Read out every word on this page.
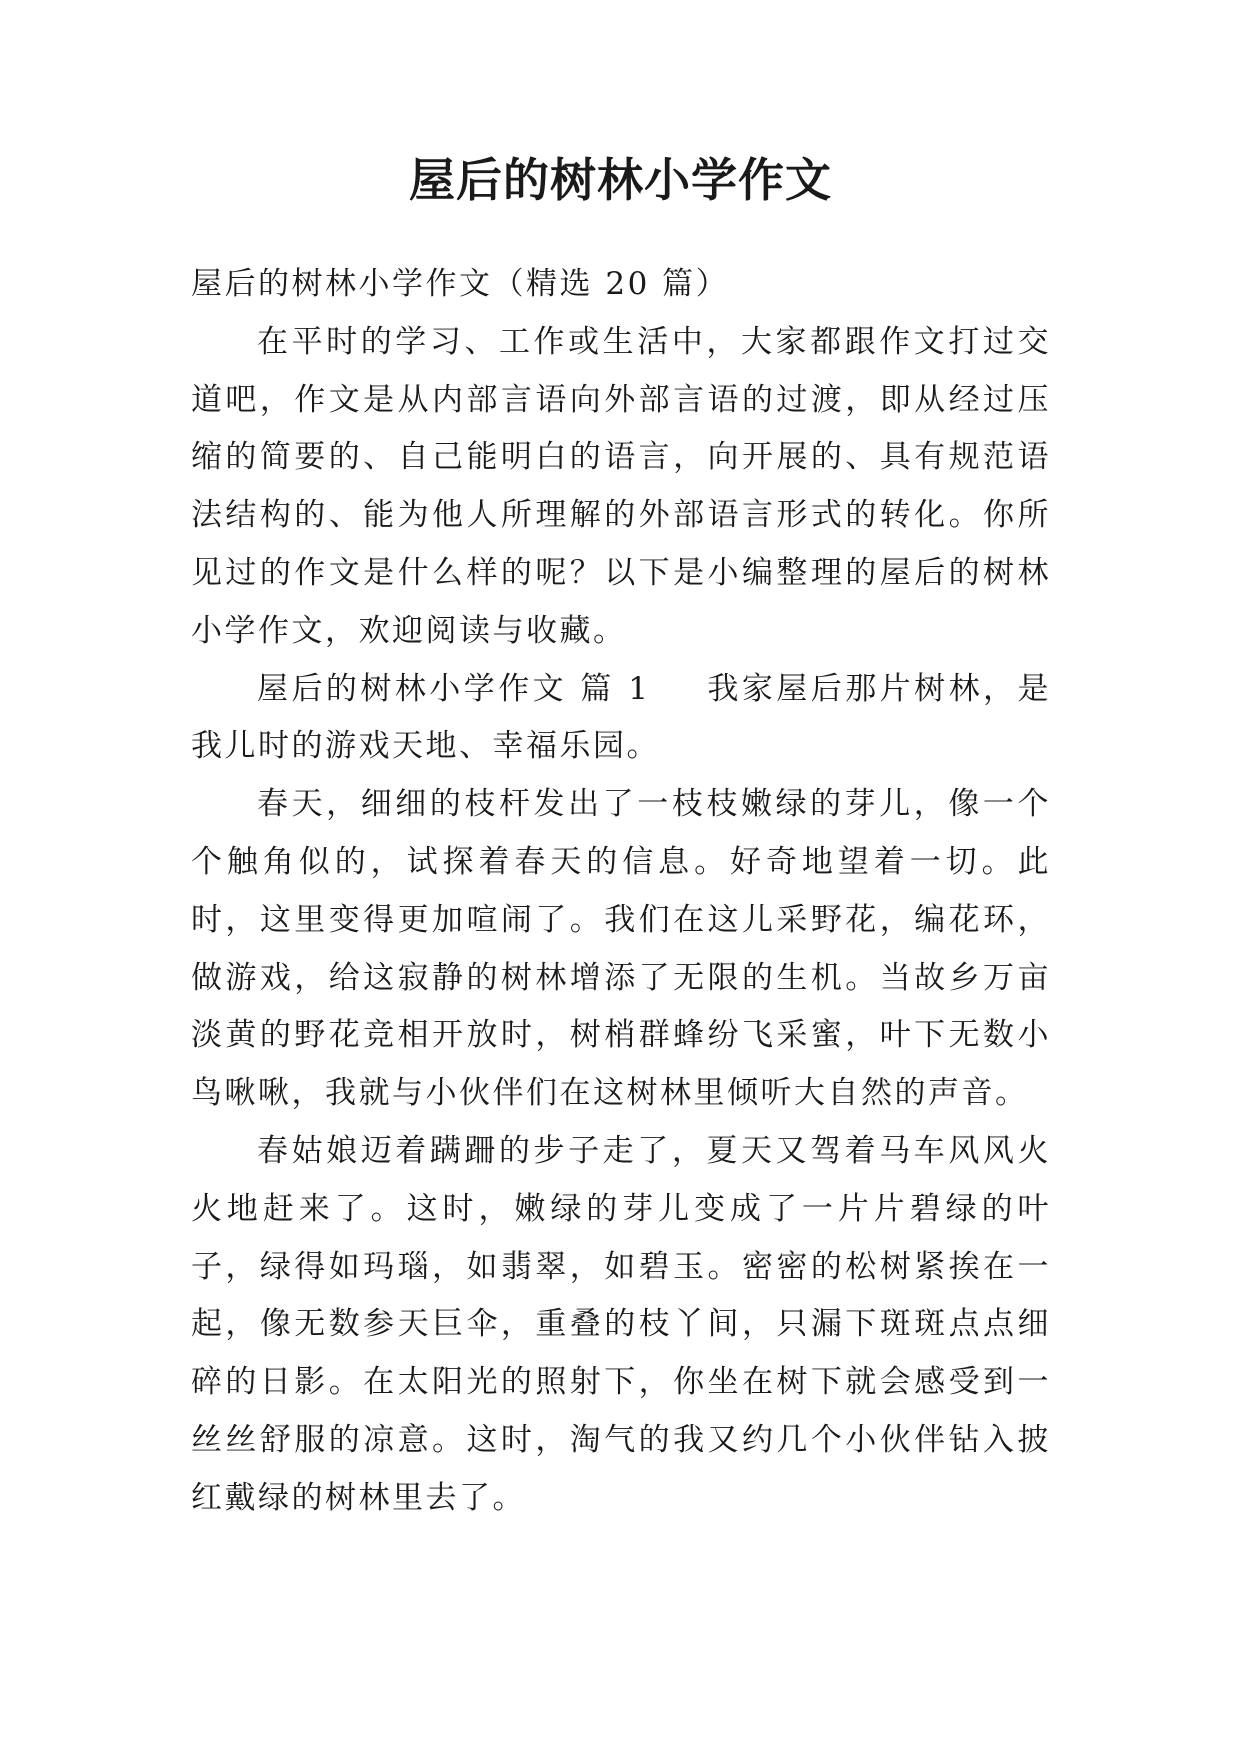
屋后的树林小学作文

屋后的树林小学作文（精选 20 篇）

在平时的学习、工作或生活中，大家都跟作文打过交道吧，作文是从内部言语向外部言语的过渡，即从经过压缩的简要的、自己能明白的语言，向开展的、具有规范语法结构的、能为他人所理解的外部语言形式的转化。你所见过的作文是什么样的呢？以下是小编整理的屋后的树林小学作文，欢迎阅读与收藏。

屋后的树林小学作文 篇 1 我家屋后那片树林，是我儿时的游戏天地、幸福乐园。

春天，细细的枝杆发出了一枝枝嫩绿的芽儿，像一个个触角似的，试探着春天的信息。好奇地望着一切。此时，这里变得更加喧闹了。我们在这儿采野花，编花环，做游戏，给这寂静的树林增添了无限的生机。当故乡万亩淡黄的野花竞相开放时，树梢群蜂纷飞采蜜，叶下无数小鸟啾啾，我就与小伙伴们在这树林里倾听大自然的声音。

春姑娘迈着蹒跚的步子走了，夏天又驾着马车风风火火地赶来了。这时，嫩绿的芽儿变成了一片片碧绿的叶子，绿得如玛瑙，如翡翠，如碧玉。密密的松树紧挨在一起，像无数参天巨伞，重叠的枝丫间，只漏下斑斑点点细碎的日影。在太阳光的照射下，你坐在树下就会感受到一丝丝舒服的凉意。这时，淘气的我又约几个小伙伴钻入披红戴绿的树林里去了。
